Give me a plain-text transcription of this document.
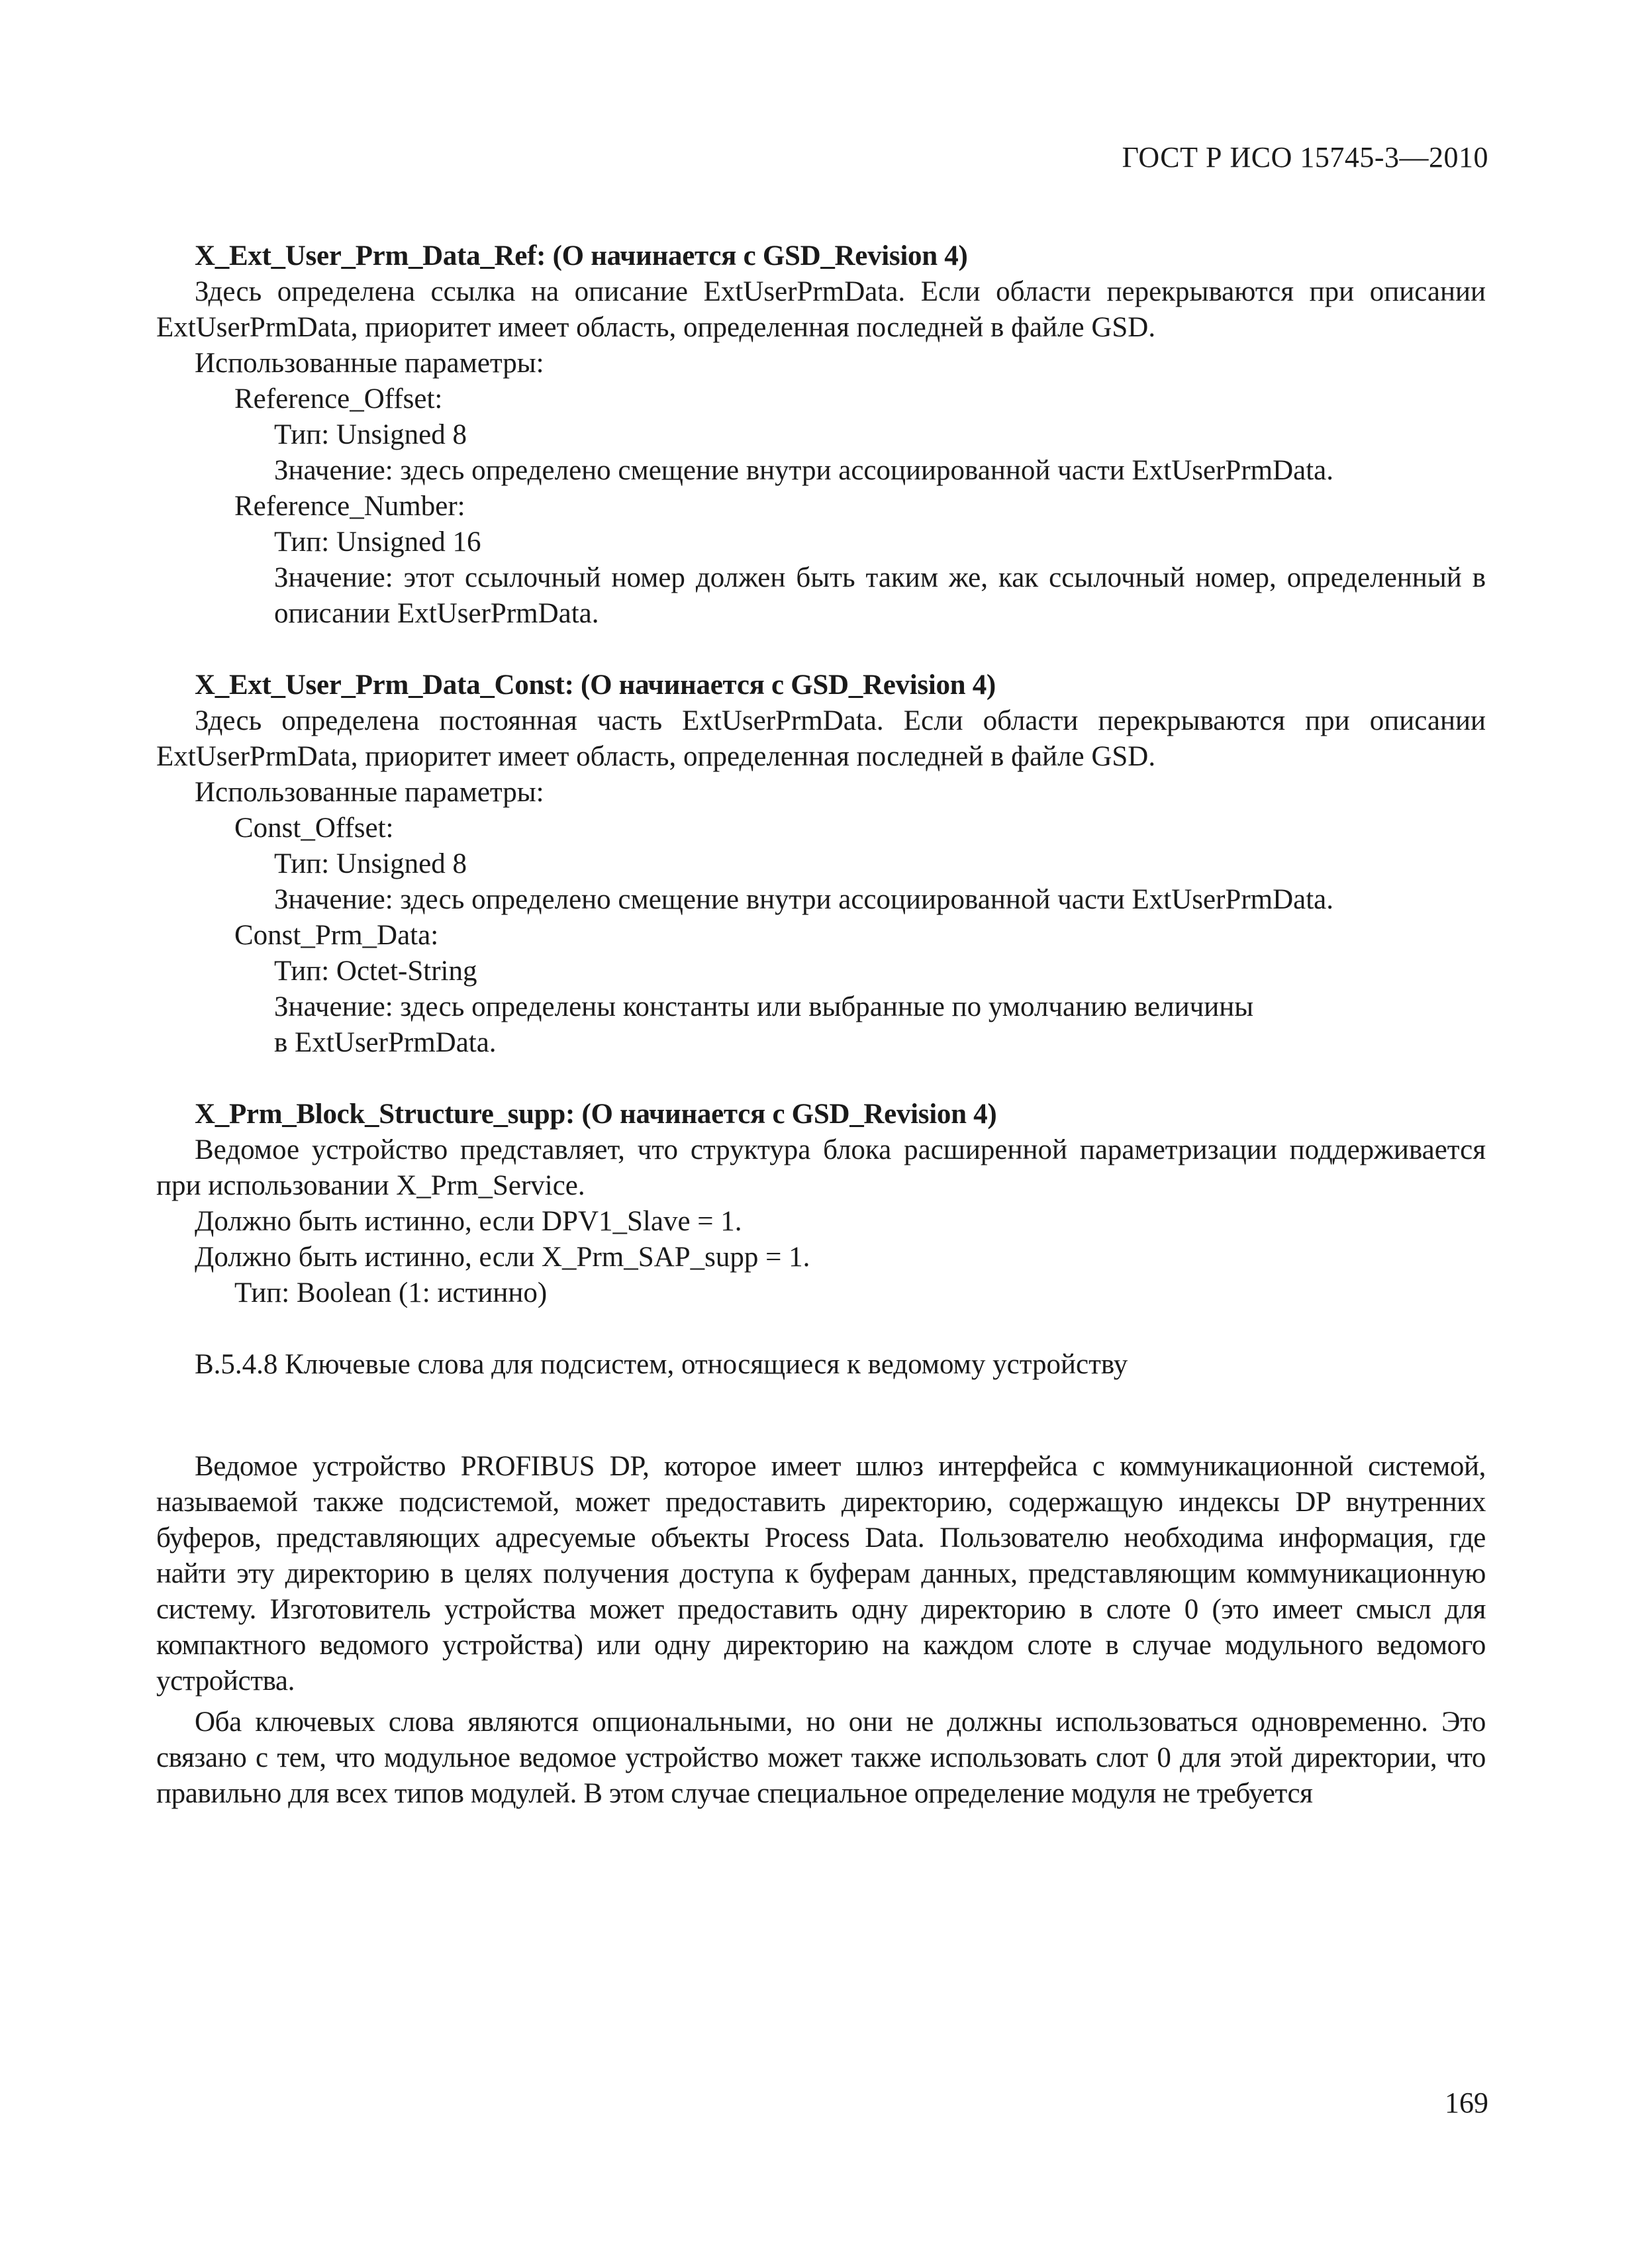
ГОСТ Р ИСО 15745-3—2010

X_Ext_User_Prm_Data_Ref: (O начинается с GSD_Revision 4)

Здесь определена ссылка на описание ExtUserPrmData. Если области перекрываются при описании ExtUserPrmData, приоритет имеет область, определенная последней в файле GSD.

Использованные параметры:

Reference_Offset:

Тип: Unsigned 8

Значение: здесь определено смещение внутри ассоциированной части ExtUserPrmData.

Reference_Number:

Тип: Unsigned 16

Значение: этот ссылочный номер должен быть таким же, как ссылочный номер, определенный в описании ExtUserPrmData.

X_Ext_User_Prm_Data_Const: (O начинается с GSD_Revision 4)

Здесь определена постоянная часть ExtUserPrmData. Если области перекрываются при описании ExtUserPrmData, приоритет имеет область, определенная последней в файле GSD.

Использованные параметры:

Const_Offset:

Тип: Unsigned 8

Значение: здесь определено смещение внутри ассоциированной части ExtUserPrmData.

Const_Prm_Data:

Тип: Octet-String

Значение: здесь определены константы или выбранные по умолчанию величины

в ExtUserPrmData.

X_Prm_Block_Structure_supp: (O начинается с GSD_Revision 4)

Ведомое устройство представляет, что структура блока расширенной параметризации поддерживается при использовании X_Prm_Service.

Должно быть истинно, если DPV1_Slave = 1.

Должно быть истинно, если X_Prm_SAP_supp = 1.

Тип: Boolean (1: истинно)

В.5.4.8 Ключевые слова для подсистем, относящиеся к ведомому устройству

Ведомое устройство PROFIBUS DP, которое имеет шлюз интерфейса с коммуникационной системой, называемой также подсистемой, может предоставить директорию, содержащую индексы DP внутренних буферов, представляющих адресуемые объекты Process Data. Пользователю необходима информация, где найти эту директорию в целях получения доступа к буферам данных, представляющим коммуникационную систему. Изготовитель устройства может предоставить одну директорию в слоте 0 (это имеет смысл для компактного ведомого устройства) или одну директорию на каждом слоте в случае модульного ведомого устройства.

Оба ключевых слова являются опциональными, но они не должны использоваться одновременно. Это связано с тем, что модульное ведомое устройство может также использовать слот 0 для этой директории, что правильно для всех типов модулей. В этом случае специальное определение модуля не требуется

169
